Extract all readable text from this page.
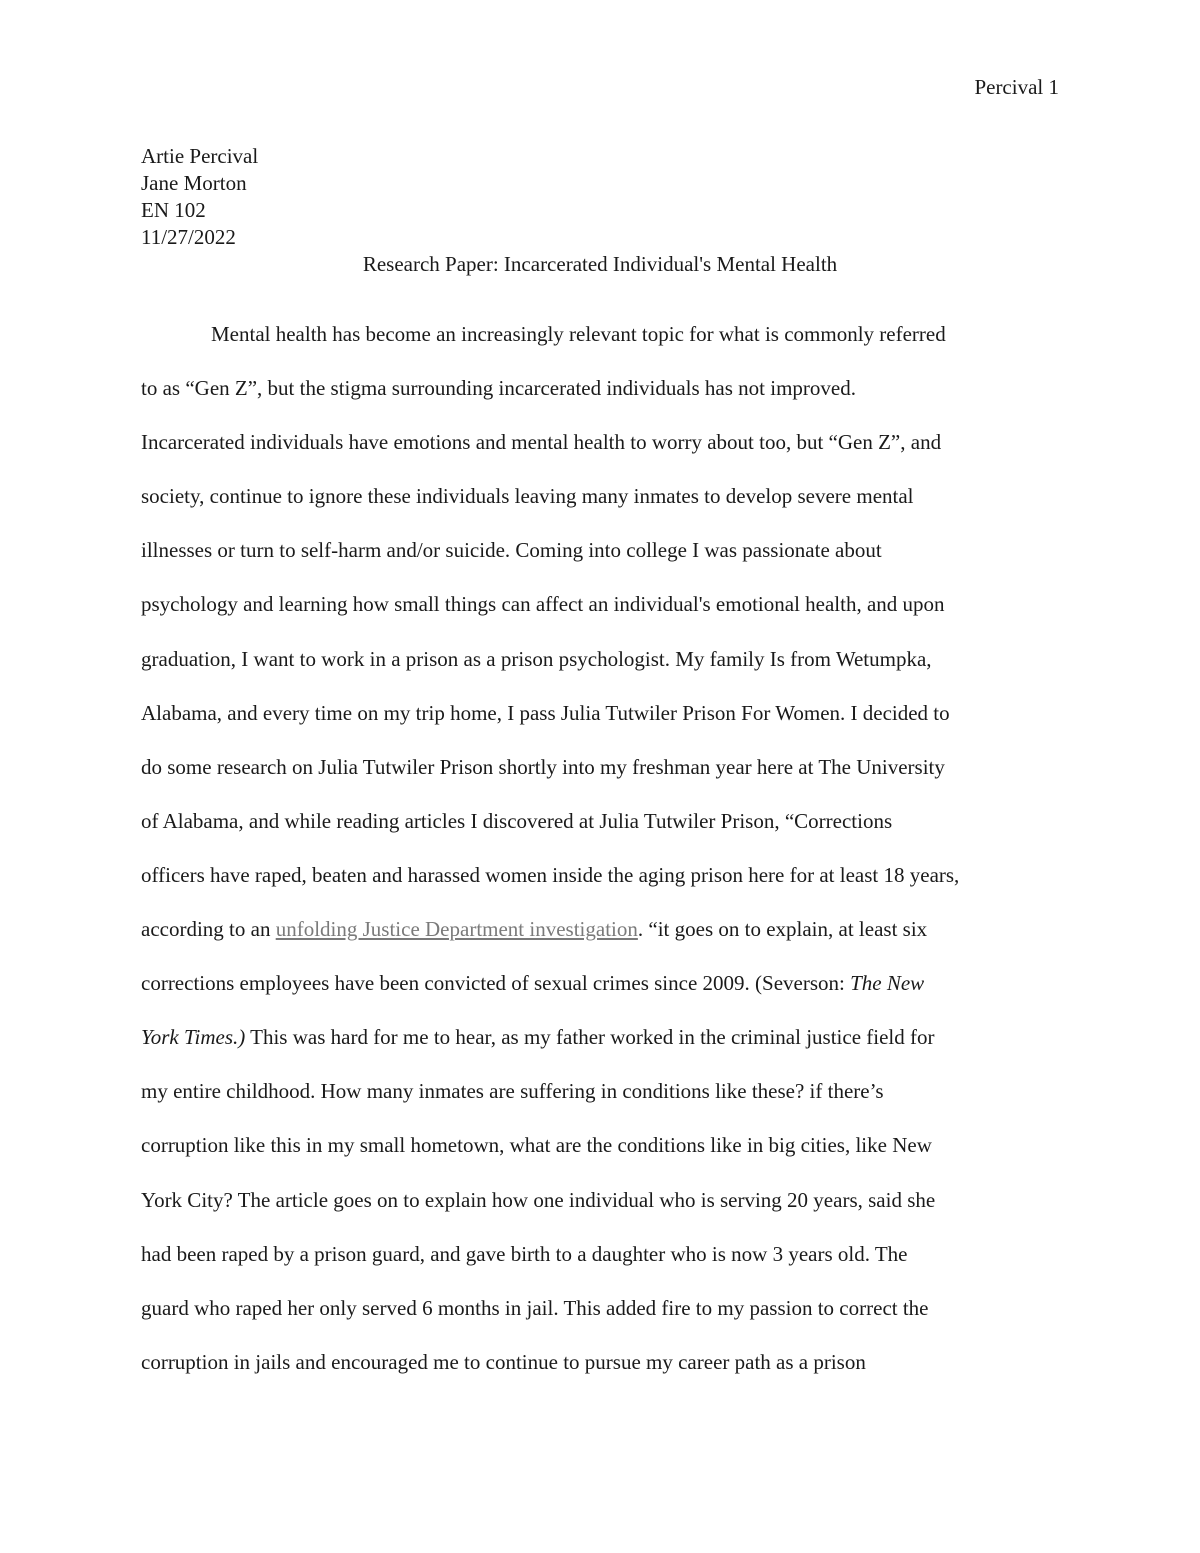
Percival 1
Artie Percival
Jane Morton
EN 102
11/27/2022
Research Paper: Incarcerated Individual's Mental Health
Mental health has become an increasingly relevant topic for what is commonly referred
to as “Gen Z”, but the stigma surrounding incarcerated individuals has not improved.
Incarcerated individuals have emotions and mental health to worry about too, but “Gen Z”, and
society, continue to ignore these individuals leaving many inmates to develop severe mental
illnesses or turn to self-harm and/or suicide. Coming into college I was passionate about
psychology and learning how small things can affect an individual's emotional health, and upon
graduation, I want to work in a prison as a prison psychologist. My family Is from Wetumpka,
Alabama, and every time on my trip home, I pass Julia Tutwiler Prison For Women. I decided to
do some research on Julia Tutwiler Prison shortly into my freshman year here at The University
of Alabama, and while reading articles I discovered at Julia Tutwiler Prison, “Corrections
officers have raped, beaten and harassed women inside the aging prison here for at least 18 years,
according to an unfolding Justice Department investigation. “it goes on to explain, at least six
corrections employees have been convicted of sexual crimes since 2009. (Severson: The New
York Times.) This was hard for me to hear, as my father worked in the criminal justice field for
my entire childhood. How many inmates are suffering in conditions like these? if there’s
corruption like this in my small hometown, what are the conditions like in big cities, like New
York City? The article goes on to explain how one individual who is serving 20 years, said she
had been raped by a prison guard, and gave birth to a daughter who is now 3 years old. The
guard who raped her only served 6 months in jail. This added fire to my passion to correct the
corruption in jails and encouraged me to continue to pursue my career path as a prison
